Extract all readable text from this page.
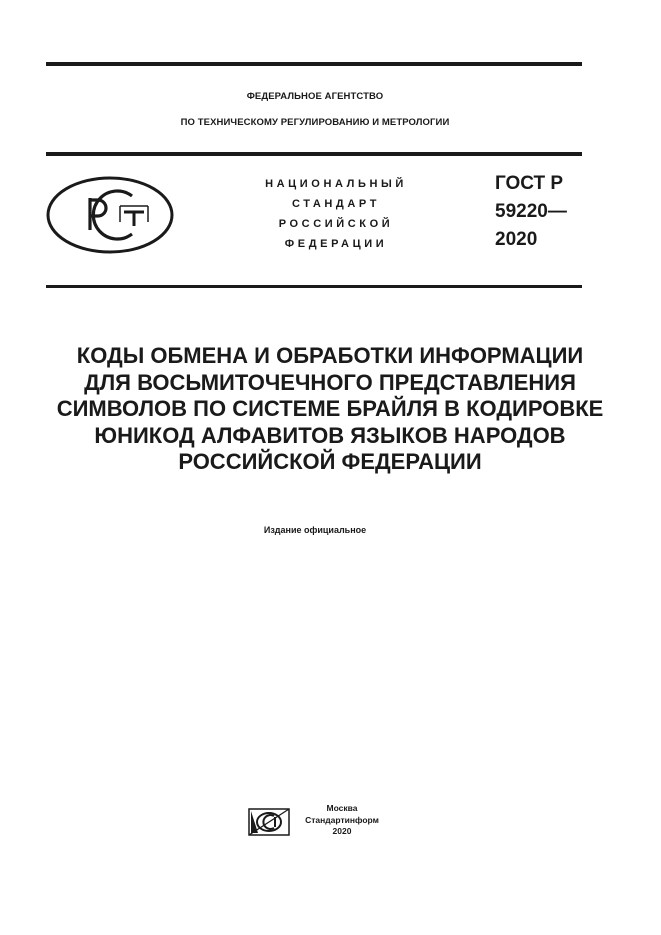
ФЕДЕРАЛЬНОЕ АГЕНТСТВО
ПО ТЕХНИЧЕСКОМУ РЕГУЛИРОВАНИЮ И МЕТРОЛОГИИ
НАЦИОНАЛЬНЫЙ
СТАНДАРТ
РОССИЙСКОЙ
ФЕДЕРАЦИИ
ГОСТ Р
59220—
2020
КОДЫ ОБМЕНА И ОБРАБОТКИ ИНФОРМАЦИИ
ДЛЯ ВОСЬМИТОЧЕЧНОГО ПРЕДСТАВЛЕНИЯ
СИМВОЛОВ ПО СИСТЕМЕ БРАЙЛЯ В КОДИРОВКЕ
ЮНИКОД АЛФАВИТОВ ЯЗЫКОВ НАРОДОВ
РОССИЙСКОЙ ФЕДЕРАЦИИ
Издание официальное
Москва
Стандартинформ
2020
